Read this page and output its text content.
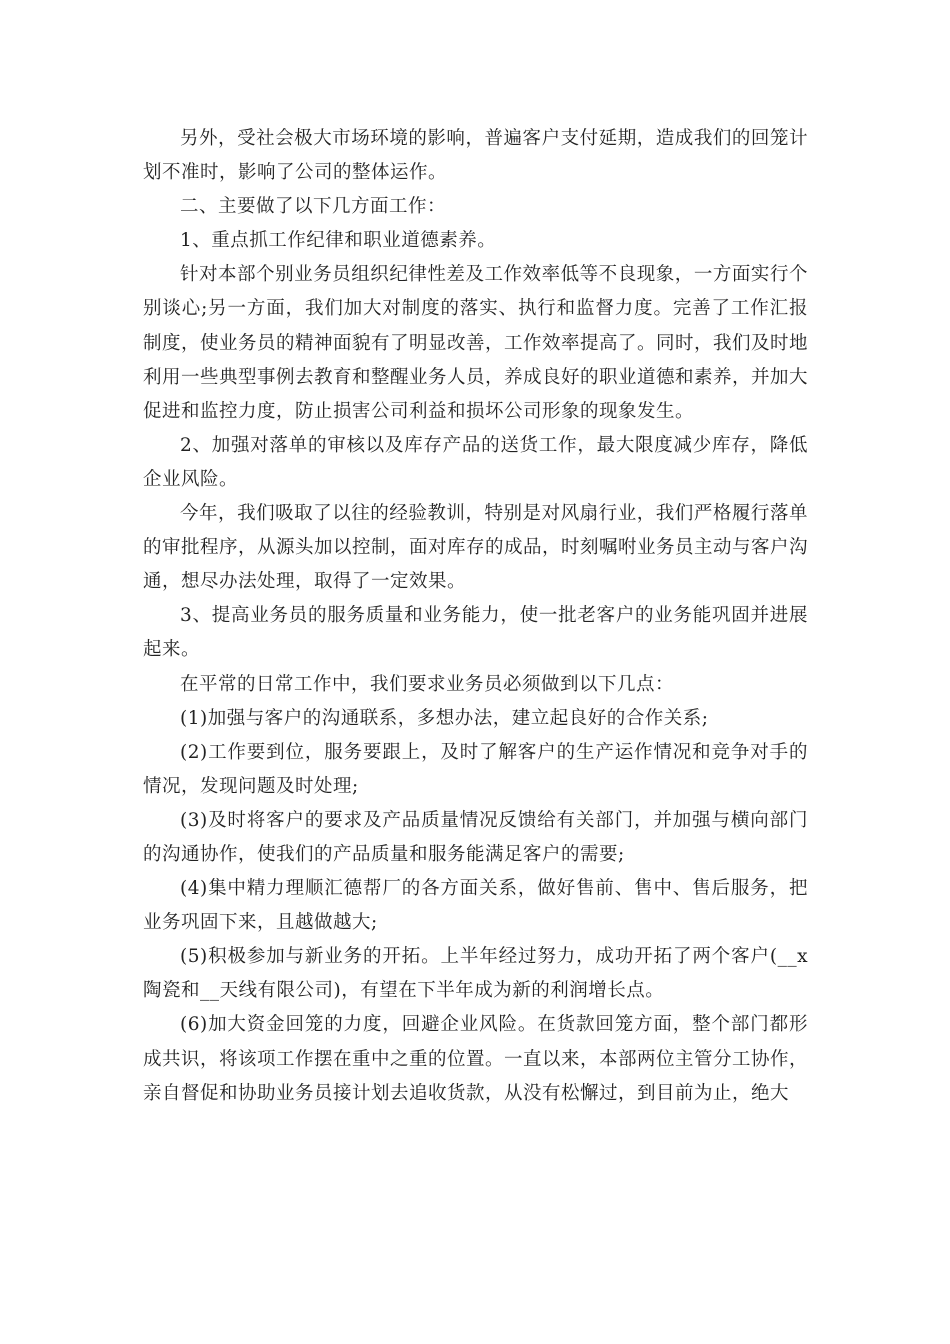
另外，受社会极大市场环境的影响，普遍客户支付延期，造成我们的回笼计划不准时，影响了公司的整体运作。

二、主要做了以下几方面工作：

1、重点抓工作纪律和职业道德素养。

针对本部个别业务员组织纪律性差及工作效率低等不良现象，一方面实行个别谈心;另一方面，我们加大对制度的落实、执行和监督力度。完善了工作汇报制度，使业务员的精神面貌有了明显改善，工作效率提高了。同时，我们及时地利用一些典型事例去教育和整醒业务人员，养成良好的职业道德和素养，并加大促进和监控力度，防止损害公司利益和损坏公司形象的现象发生。

2、加强对落单的审核以及库存产品的送货工作，最大限度减少库存，降低企业风险。

今年，我们吸取了以往的经验教训，特别是对风扇行业，我们严格履行落单的审批程序，从源头加以控制，面对库存的成品，时刻嘱咐业务员主动与客户沟通，想尽办法处理，取得了一定效果。

3、提高业务员的服务质量和业务能力，使一批老客户的业务能巩固并进展起来。

在平常的日常工作中，我们要求业务员必须做到以下几点：

(1)加强与客户的沟通联系，多想办法，建立起良好的合作关系;

(2)工作要到位，服务要跟上，及时了解客户的生产运作情况和竞争对手的情况，发现问题及时处理;

(3)及时将客户的要求及产品质量情况反馈给有关部门，并加强与横向部门的沟通协作，使我们的产品质量和服务能满足客户的需要;

(4)集中精力理顺汇德帮厂的各方面关系，做好售前、售中、售后服务，把业务巩固下来，且越做越大;

(5)积极参加与新业务的开拓。上半年经过努力，成功开拓了两个客户(__x陶瓷和__天线有限公司)，有望在下半年成为新的利润增长点。

(6)加大资金回笼的力度，回避企业风险。在货款回笼方面，整个部门都形成共识，将该项工作摆在重中之重的位置。一直以来，本部两位主管分工协作，亲自督促和协助业务员接计划去追收货款，从没有松懈过，到目前为止，绝大
